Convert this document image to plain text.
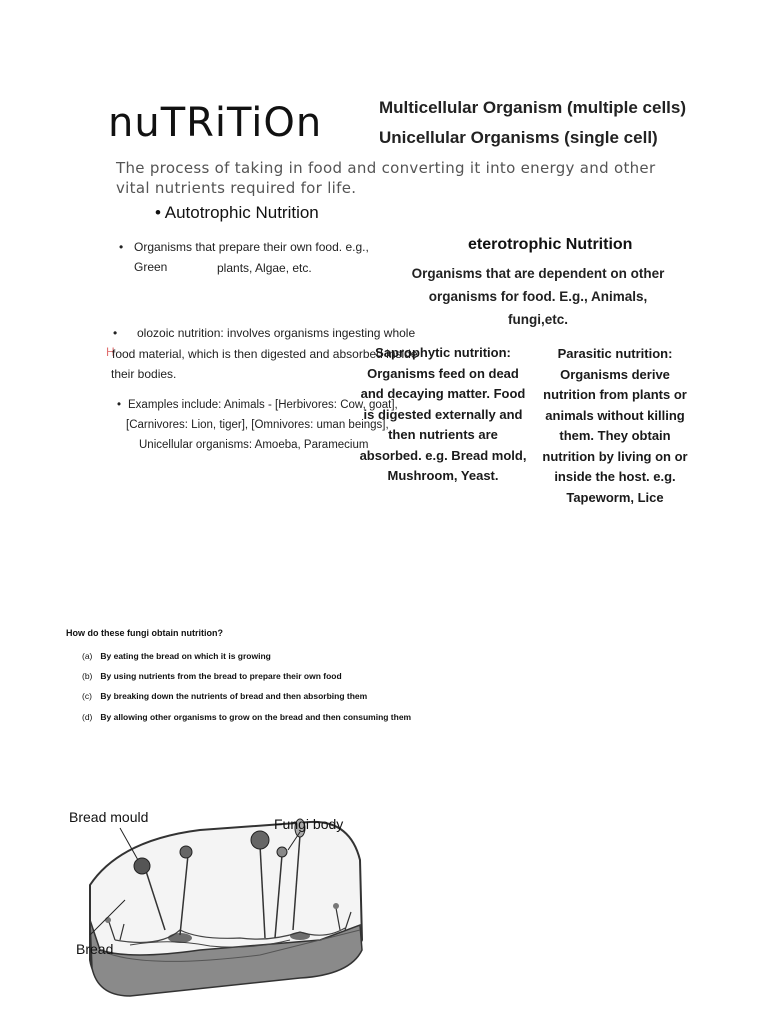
nuTRiTiOn	Multicellular Organism (multiple cells)
Unicellular Organisms (single cell)
The process of taking in food and converting it into energy and other vital nutrients required for life.
• Autotrophic Nutrition
• Organisms that prepare their own food. e.g., Green	plants, Algae, etc.
eterotrophic Nutrition
Organisms that are dependent on other organisms for food. E.g., Animals, fungi,etc.
• olozoic nutrition: involves organisms ingesting whole
H
food material, which is then digested and absorbed inside
their bodies.
• Examples include: Animals - [Herbivores: Cow, goat],
[Carnivores: Lion, tiger], [Omnivores: uman beings],
Unicellular organisms: Amoeba, Paramecium
Saprophytic nutrition: Organisms feed on dead and decaying matter. Food is digested externally and then nutrients are absorbed. e.g. Bread mold, Mushroom, Yeast.
Parasitic nutrition: Organisms derive nutrition from plants or animals without killing them. They obtain nutrition by living on or inside the host. e.g. Tapeworm, Lice
How do these fungi obtain nutrition?
(a) By eating the bread on which it is growing
(b) By using nutrients from the bread to prepare their own food
(c) By breaking down the nutrients of bread and then absorbing them
(d) By allowing other organisms to grow on the bread and then consuming them
Bread mould	Fungi body
Bread
